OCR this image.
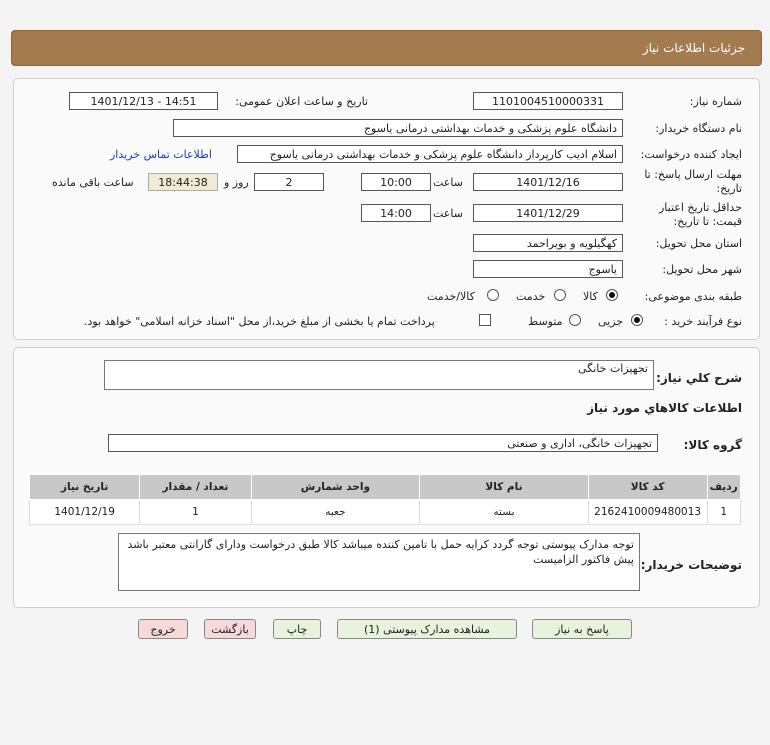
جزئیات اطلاعات نیاز
شماره نیاز:
1101004510000331
تاریخ و ساعت اعلان عمومی:
1401/12/13 - 14:51
نام دستگاه خریدار:
دانشگاه علوم پزشکی و خدمات بهداشتی درمانی یاسوج
ایجاد کننده درخواست:
اسلام ادیب کارپرداز دانشگاه علوم پزشکی و خدمات بهداشتی درمانی یاسوج
اطلاعات تماس خریدار
مهلت ارسال پاسخ: تا
تاریخ:
1401/12/16
ساعت
10:00
2
روز و
18:44:38
ساعت باقی مانده
حداقل تاریخ اعتبار
قیمت: تا تاریخ:
1401/12/29
ساعت
14:00
استان محل تحویل:
کهگیلویه و بویراحمد
شهر محل تحویل:
یاسوج
طبقه بندی موضوعی:
کالا
خدمت
کالا/خدمت
نوع فرآیند خرید :
جزیی
متوسط
پرداخت تمام یا بخشی از مبلغ خرید،از محل "اسناد خزانه اسلامی" خواهد بود.
شرح کلي نياز:
تجهیزات خانگی
اطلاعات کالاهاي مورد نياز
گروه کالا:
تجهیزات خانگی، اداری و صنعتی
ردیف	کد کالا	نام کالا	واحد شمارش	تعداد / مقدار	تاریخ نیاز
1	2162410009480013	بسته	جعبه	1	1401/12/19
توضیحات خریدار:
توجه مدارک پیوستی توجه گردد کرایه حمل با تامین کننده میباشد کالا طبق درخواست ودارای گارانتی معتبر باشد پیش فاکتور الزامیست
پاسخ به نیاز
مشاهده مدارک پیوستی (1)
چاپ
بازگشت
خروج
